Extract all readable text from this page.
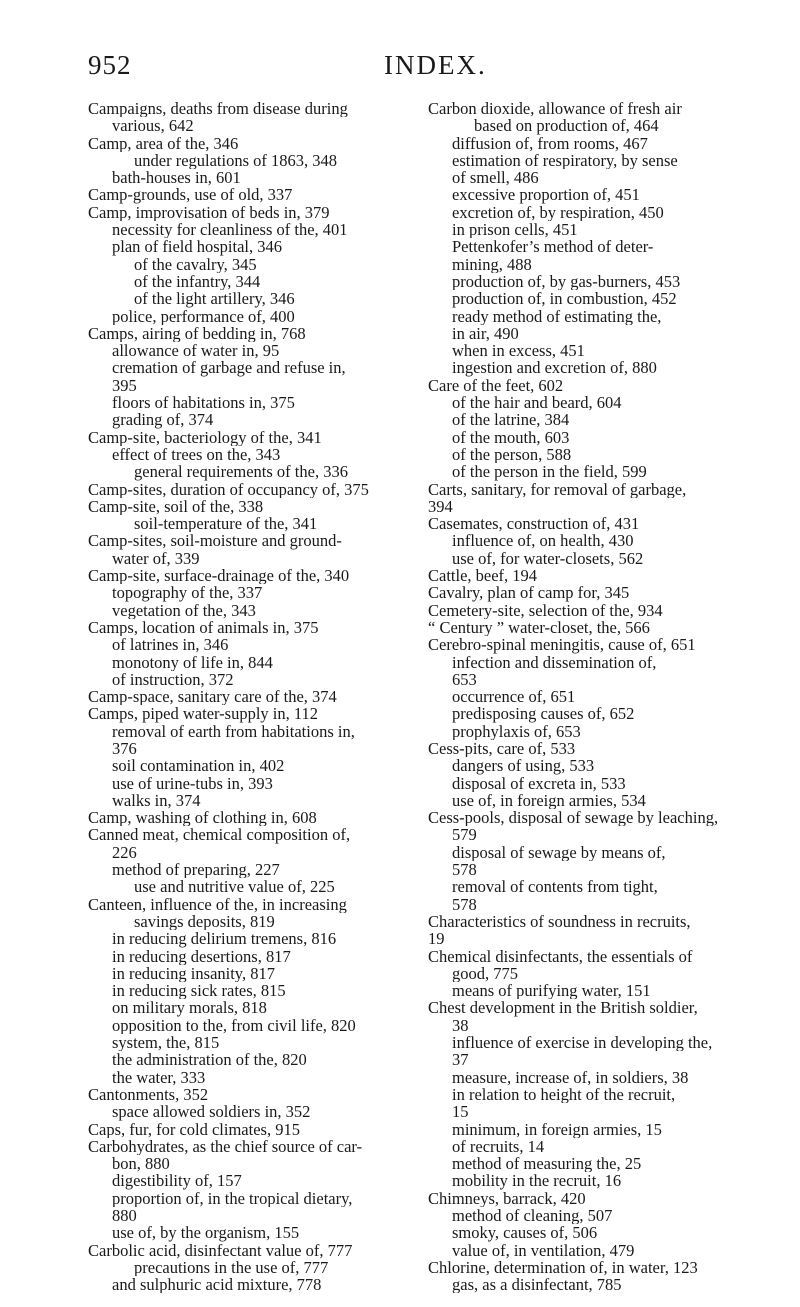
952	INDEX.
Campaigns, deaths from disease during
various, 642
Camp, area of the, 346
under regulations of 1863, 348
bath-houses in, 601
Camp-grounds, use of old, 337
Camp, improvisation of beds in, 379
necessity for cleanliness of the, 401
plan of field hospital, 346
of the cavalry, 345
of the infantry, 344
of the light artillery, 346
police, performance of, 400
Camps, airing of bedding in, 768
allowance of water in, 95
cremation of garbage and refuse in,
395
floors of habitations in, 375
grading of, 374
Camp-site, bacteriology of the, 341
effect of trees on the, 343
general requirements of the, 336
Camp-sites, duration of occupancy of, 375
Camp-site, soil of the, 338
soil-temperature of the, 341
Camp-sites, soil-moisture and ground-
water of, 339
Camp-site, surface-drainage of the, 340
topography of the, 337
vegetation of the, 343
Camps, location of animals in, 375
of latrines in, 346
monotony of life in, 844
of instruction, 372
Camp-space, sanitary care of the, 374
Camps, piped water-supply in, 112
removal of earth from habitations in,
376
soil contamination in, 402
use of urine-tubs in, 393
walks in, 374
Camp, washing of clothing in, 608
Canned meat, chemical composition of,
226
method of preparing, 227
use and nutritive value of, 225
Canteen, influence of the, in increasing
savings deposits, 819
in reducing delirium tremens, 816
in reducing desertions, 817
in reducing insanity, 817
in reducing sick rates, 815
on military morals, 818
opposition to the, from civil life, 820
system, the, 815
the administration of the, 820
the water, 333
Cantonments, 352
space allowed soldiers in, 352
Caps, fur, for cold climates, 915
Carbohydrates, as the chief source of car-
bon, 880
digestibility of, 157
proportion of, in the tropical dietary,
880
use of, by the organism, 155
Carbolic acid, disinfectant value of, 777
precautions in the use of, 777
and sulphuric acid mixture, 778
Carbon dioxide, allowance of fresh air
based on production of, 464
diffusion of, from rooms, 467
estimation of respiratory, by sense
of smell, 486
excessive proportion of, 451
excretion of, by respiration, 450
in prison cells, 451
Pettenkofer’s method of deter-
mining, 488
production of, by gas-burners, 453
production of, in combustion, 452
ready method of estimating the,
in air, 490
when in excess, 451
ingestion and excretion of, 880
Care of the feet, 602
of the hair and beard, 604
of the latrine, 384
of the mouth, 603
of the person, 588
of the person in the field, 599
Carts, sanitary, for removal of garbage,
394
Casemates, construction of, 431
influence of, on health, 430
use of, for water-closets, 562
Cattle, beef, 194
Cavalry, plan of camp for, 345
Cemetery-site, selection of the, 934
“ Century ” water-closet, the, 566
Cerebro-spinal meningitis, cause of, 651
infection and dissemination of,
653
occurrence of, 651
predisposing causes of, 652
prophylaxis of, 653
Cess-pits, care of, 533
dangers of using, 533
disposal of excreta in, 533
use of, in foreign armies, 534
Cess-pools, disposal of sewage by leaching,
579
disposal of sewage by means of,
578
removal of contents from tight,
578
Characteristics of soundness in recruits,
19
Chemical disinfectants, the essentials of
good, 775
means of purifying water, 151
Chest development in the British soldier,
38
influence of exercise in developing the,
37
measure, increase of, in soldiers, 38
in relation to height of the recruit,
15
minimum, in foreign armies, 15
of recruits, 14
method of measuring the, 25
mobility in the recruit, 16
Chimneys, barrack, 420
method of cleaning, 507
smoky, causes of, 506
value of, in ventilation, 479
Chlorine, determination of, in water, 123
gas, as a disinfectant, 785
